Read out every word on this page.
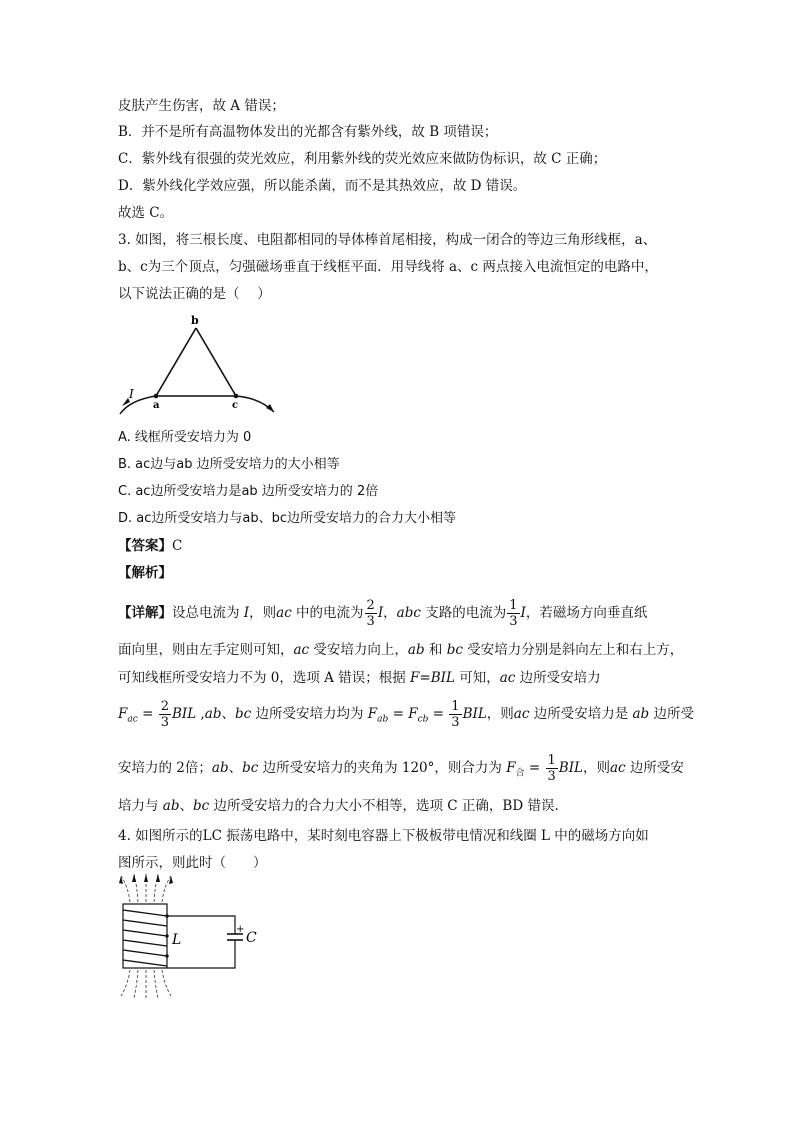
皮肤产生伤害，故 A 错误；
B．并不是所有高温物体发出的光都含有紫外线，故 B 项错误；
C．紫外线有很强的荧光效应，利用紫外线的荧光效应来做防伪标识，故 C 正确；
D．紫外线化学效应强，所以能杀菌，而不是其热效应，故 D 错误。
故选 C。
3. 如图，将三根长度、电阻都相同的导体棒首尾相接，构成一闭合的等边三角形线框，a、
b、c为三个顶点，匀强磁场垂直于线框平面．用导线将 a、c 两点接入电流恒定的电路中，
以下说法正确的是（　 ）
b
a	c
I
A. 线框所受安培力为 0
B. ac边与ab 边所受安培力的大小相等
C. ac边所受安培力是ab 边所受安培力的 2倍
D. ac边所受安培力与ab、bc边所受安培力的合力大小相等
【答案】C
【解析】
【详解】设总电流为 I，则ac 中的电流为 $\frac{2}{3}$ I，abc 支路的电流为 $\frac{1}{3}$ I，若磁场方向垂直纸
面向里，则由左手定则可知，ac 受安培力向上，ab 和 bc 受安培力分别是斜向左上和右上方，
可知线框所受安培力不为 0，选项 A 错误；根据 F=BIL 可知，ac 边所受安培力
$F_{ac} = \frac{2}{3}$ BIL ,ab、bc 边所受安培力均为 $F_{ab} = F_{cb} = \frac{1}{3}$ BIL，则ac 边所受安培力是 ab 边所受
安培力的 2倍；ab、bc 边所受安培力的夹角为 120°，则合力为 $F_合 = \frac{1}{3}$ BIL，则ac 边所受安
培力与 ab、bc 边所受安培力的合力大小不相等，选项 C 正确，BD 错误.
4. 如图所示的LC 振荡电路中，某时刻电容器上下极板带电情况和线圈 L 中的磁场方向如
图所示，则此时（　　）
+
C
L
